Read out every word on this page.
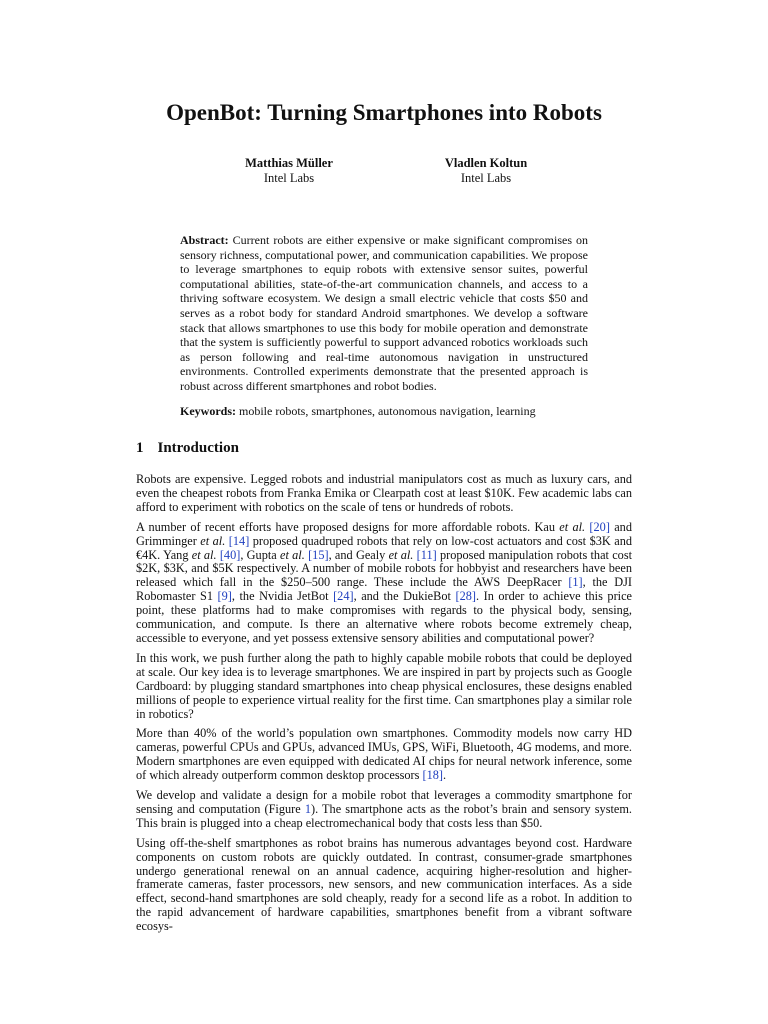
OpenBot: Turning Smartphones into Robots
Matthias Müller
Intel Labs
Vladlen Koltun
Intel Labs

Abstract: Current robots are either expensive or make significant compromises on sensory richness, computational power, and communication capabilities. We propose to leverage smartphones to equip robots with extensive sensor suites, powerful computational abilities, state-of-the-art communication channels, and access to a thriving software ecosystem. We design a small electric vehicle that costs $50 and serves as a robot body for standard Android smartphones. We develop a software stack that allows smartphones to use this body for mobile operation and demonstrate that the system is sufficiently powerful to support advanced robotics workloads such as person following and real-time autonomous navigation in unstructured environments. Controlled experiments demonstrate that the presented approach is robust across different smartphones and robot bodies.

Keywords: mobile robots, smartphones, autonomous navigation, learning

1 Introduction

Robots are expensive. Legged robots and industrial manipulators cost as much as luxury cars, and even the cheapest robots from Franka Emika or Clearpath cost at least $10K. Few academic labs can afford to experiment with robotics on the scale of tens or hundreds of robots.

A number of recent efforts have proposed designs for more affordable robots. Kau et al. [20] and Grimminger et al. [14] proposed quadruped robots that rely on low-cost actuators and cost $3K and €4K. Yang et al. [40], Gupta et al. [15], and Gealy et al. [11] proposed manipulation robots that cost $2K, $3K, and $5K respectively. A number of mobile robots for hobbyist and researchers have been released which fall in the $250–500 range. These include the AWS DeepRacer [1], the DJI Robomaster S1 [9], the Nvidia JetBot [24], and the DukieBot [28]. In order to achieve this price point, these platforms had to make compromises with regards to the physical body, sensing, communication, and compute. Is there an alternative where robots become extremely cheap, accessible to everyone, and yet possess extensive sensory abilities and computational power?

In this work, we push further along the path to highly capable mobile robots that could be deployed at scale. Our key idea is to leverage smartphones. We are inspired in part by projects such as Google Cardboard: by plugging standard smartphones into cheap physical enclosures, these designs enabled millions of people to experience virtual reality for the first time. Can smartphones play a similar role in robotics?

More than 40% of the world’s population own smartphones. Commodity models now carry HD cameras, powerful CPUs and GPUs, advanced IMUs, GPS, WiFi, Bluetooth, 4G modems, and more. Modern smartphones are even equipped with dedicated AI chips for neural network inference, some of which already outperform common desktop processors [18].

We develop and validate a design for a mobile robot that leverages a commodity smartphone for sensing and computation (Figure 1). The smartphone acts as the robot’s brain and sensory system. This brain is plugged into a cheap electromechanical body that costs less than $50.

Using off-the-shelf smartphones as robot brains has numerous advantages beyond cost. Hardware components on custom robots are quickly outdated. In contrast, consumer-grade smartphones undergo generational renewal on an annual cadence, acquiring higher-resolution and higher-framerate cameras, faster processors, new sensors, and new communication interfaces. As a side effect, second-hand smartphones are sold cheaply, ready for a second life as a robot. In addition to the rapid advancement of hardware capabilities, smartphones benefit from a vibrant software ecosys-
